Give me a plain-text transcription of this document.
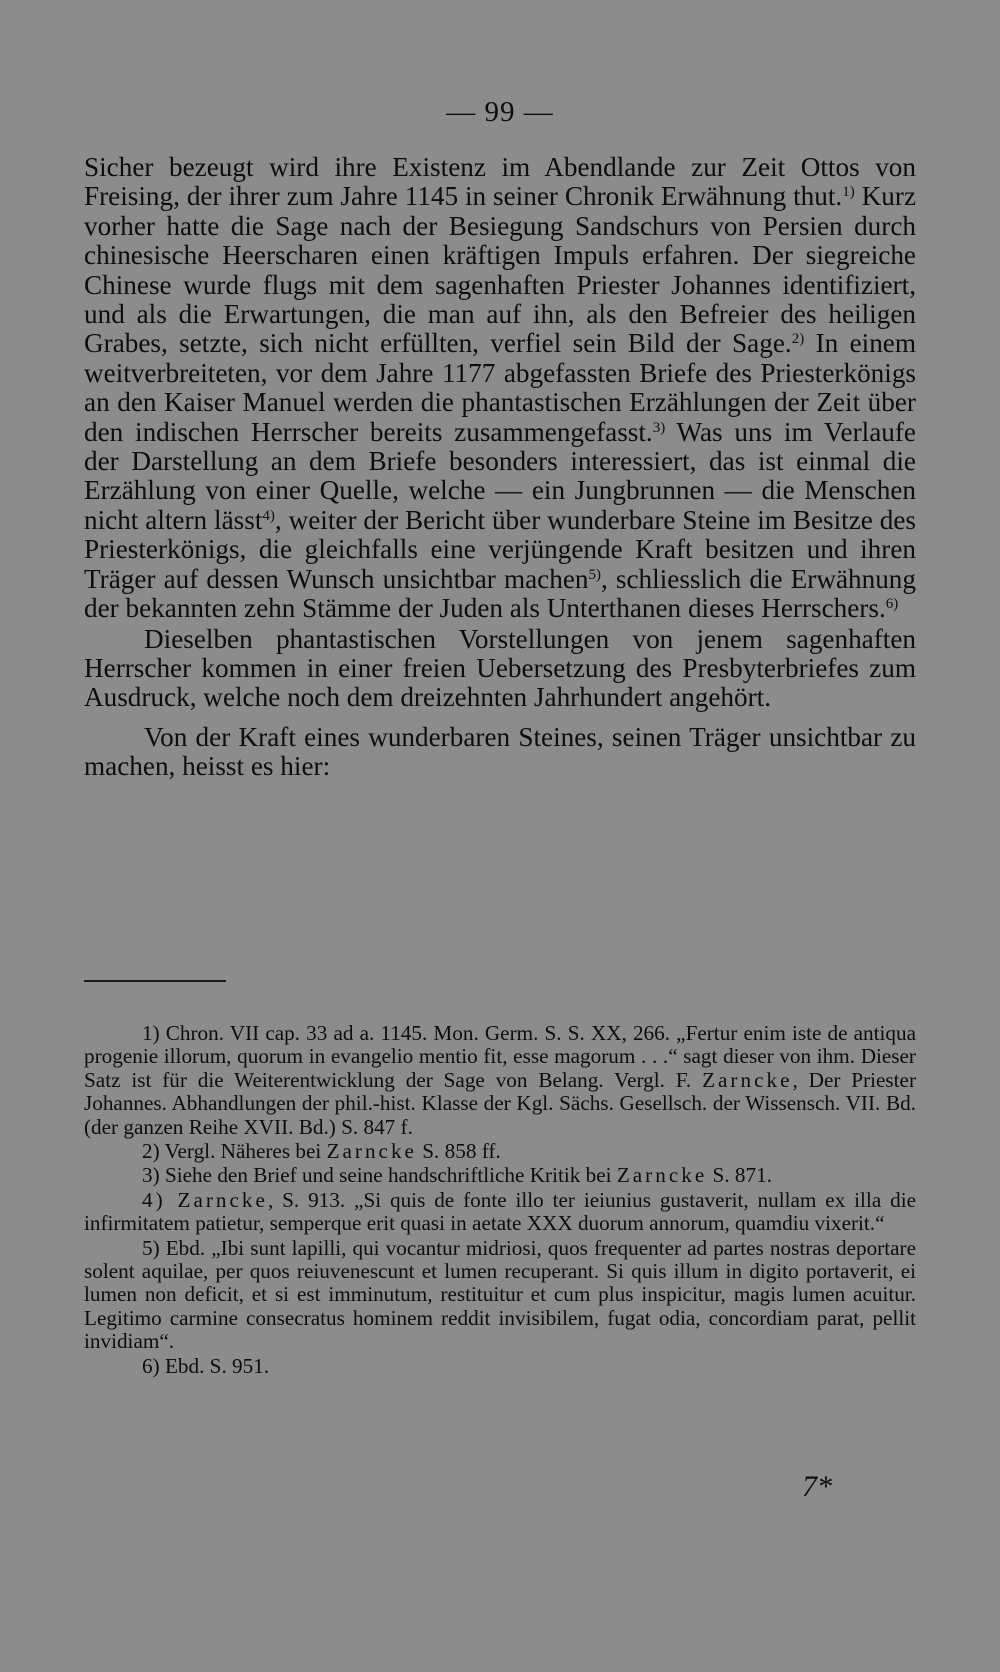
— 99 —

Sicher bezeugt wird ihre Existenz im Abendlande zur Zeit Ottos von Freising, der ihrer zum Jahre 1145 in seiner Chronik Erwähnung thut.$^{1)}$ Kurz vorher hatte die Sage nach der Besiegung Sandschurs von Persien durch chinesische Heerscharen einen kräftigen Impuls erfahren. Der siegreiche Chinese wurde flugs mit dem sagenhaften Priester Johannes identifiziert, und als die Erwartungen, die man auf ihn, als den Befreier des heiligen Grabes, setzte, sich nicht erfüllten, verfiel sein Bild der Sage.$^{2)}$ In einem weitverbreiteten, vor dem Jahre 1177 abgefassten Briefe des Priesterkönigs an den Kaiser Manuel werden die phantastischen Erzählungen der Zeit über den indischen Herrscher bereits zusammengefasst.$^{3)}$ Was uns im Verlaufe der Darstellung an dem Briefe besonders interessiert, das ist einmal die Erzählung von einer Quelle, welche — ein Jungbrunnen — die Menschen nicht altern lässt$^{4)}$, weiter der Bericht über wunderbare Steine im Besitze des Priesterkönigs, die gleichfalls eine verjüngende Kraft besitzen und ihren Träger auf dessen Wunsch unsichtbar machen$^{5)}$, schliesslich die Erwähnung der bekannten zehn Stämme der Juden als Unterthanen dieses Herrschers.$^{6)}$

Dieselben phantastischen Vorstellungen von jenem sagenhaften Herrscher kommen in einer freien Uebersetzung des Presbyterbriefes zum Ausdruck, welche noch dem dreizehnten Jahrhundert angehört.

Von der Kraft eines wunderbaren Steines, seinen Träger unsichtbar zu machen, heisst es hier:

1) Chron. VII cap. 33 ad a. 1145. Mon. Germ. S. S. XX, 266. „Fertur enim iste de antiqua progenie illorum, quorum in evangelio mentio fit, esse magorum . . .“ sagt dieser von ihm. Dieser Satz ist für die Weiterentwicklung der Sage von Belang. Vergl. F. Zarncke, Der Priester Johannes. Abhandlungen der phil.-hist. Klasse der Kgl. Sächs. Gesellsch. der Wissensch. VII. Bd. (der ganzen Reihe XVII. Bd.) S. 847 f.

2) Vergl. Näheres bei Zarncke S. 858 ff.

3) Siehe den Brief und seine handschriftliche Kritik bei Zarncke S. 871.

4) Zarncke, S. 913. „Si quis de fonte illo ter ieiunius gustaverit, nullam ex illa die infirmitatem patietur, semperque erit quasi in aetate XXX duorum annorum, quamdiu vixerit.“

5) Ebd. „Ibi sunt lapilli, qui vocantur midriosi, quos frequenter ad partes nostras deportare solent aquilae, per quos reiuvenescunt et lumen recuperant. Si quis illum in digito portaverit, ei lumen non deficit, et si est imminutum, restituitur et cum plus inspicitur, magis lumen acuitur. Legitimo carmine consecratus hominem reddit invisibilem, fugat odia, concordiam parat, pellit invidiam“.

6) Ebd. S. 951.

7*
